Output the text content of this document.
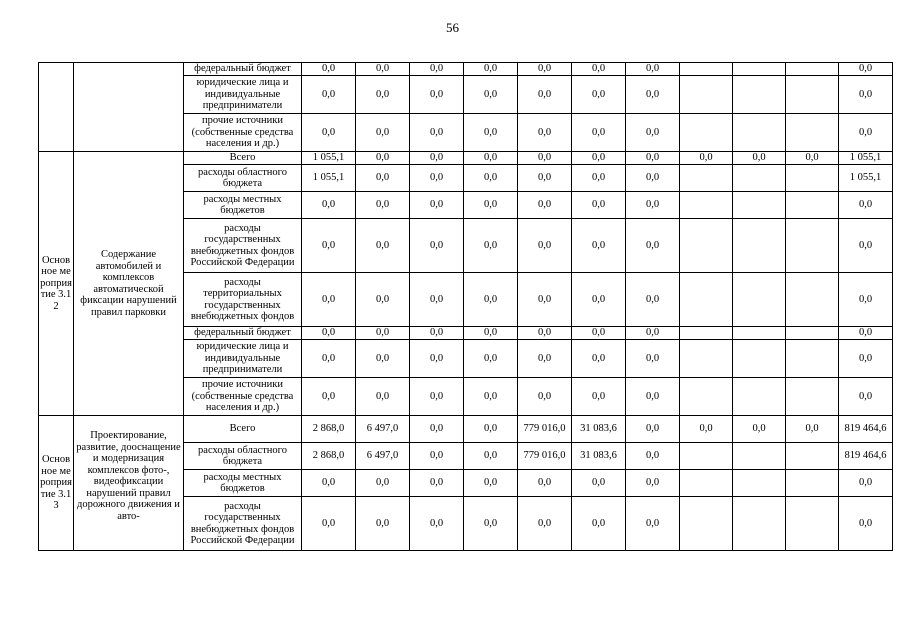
56
		федеральный бюджет	0,0	0,0	0,0	0,0	0,0	0,0	0,0				0,0
		юридические лица и индивидуальные предприниматели	0,0	0,0	0,0	0,0	0,0	0,0	0,0				0,0
		прочие источники (собственные средства населения и др.)	0,0	0,0	0,0	0,0	0,0	0,0	0,0				0,0
Основное мероприятие 3.12	Содержание автомобилей и комплексов автоматической фиксации нарушений правил парковки	Всего	1 055,1	0,0	0,0	0,0	0,0	0,0	0,0	0,0	0,0	0,0	1 055,1
		расходы областного бюджета	1 055,1	0,0	0,0	0,0	0,0	0,0	0,0				1 055,1
		расходы местных бюджетов	0,0	0,0	0,0	0,0	0,0	0,0	0,0				0,0
		расходы государственных внебюджетных фондов Российской Федерации	0,0	0,0	0,0	0,0	0,0	0,0	0,0				0,0
		расходы территориальных государственных внебюджетных фондов	0,0	0,0	0,0	0,0	0,0	0,0	0,0				0,0
		федеральный бюджет	0,0	0,0	0,0	0,0	0,0	0,0	0,0				0,0
		юридические лица и индивидуальные предприниматели	0,0	0,0	0,0	0,0	0,0	0,0	0,0				0,0
		прочие источники (собственные средства населения и др.)	0,0	0,0	0,0	0,0	0,0	0,0	0,0				0,0
Основное мероприятие 3.13	Проектирование, развитие, дооснащение и модернизация комплексов фото-, видеофиксации нарушений правил дорожного движения и авто-	Всего	2 868,0	6 497,0	0,0	0,0	779 016,0	31 083,6	0,0	0,0	0,0	0,0	819 464,6
		расходы областного бюджета	2 868,0	6 497,0	0,0	0,0	779 016,0	31 083,6	0,0				819 464,6
		расходы местных бюджетов	0,0	0,0	0,0	0,0	0,0	0,0	0,0				0,0
		расходы государственных внебюджетных фондов Российской Федерации	0,0	0,0	0,0	0,0	0,0	0,0	0,0				0,0
